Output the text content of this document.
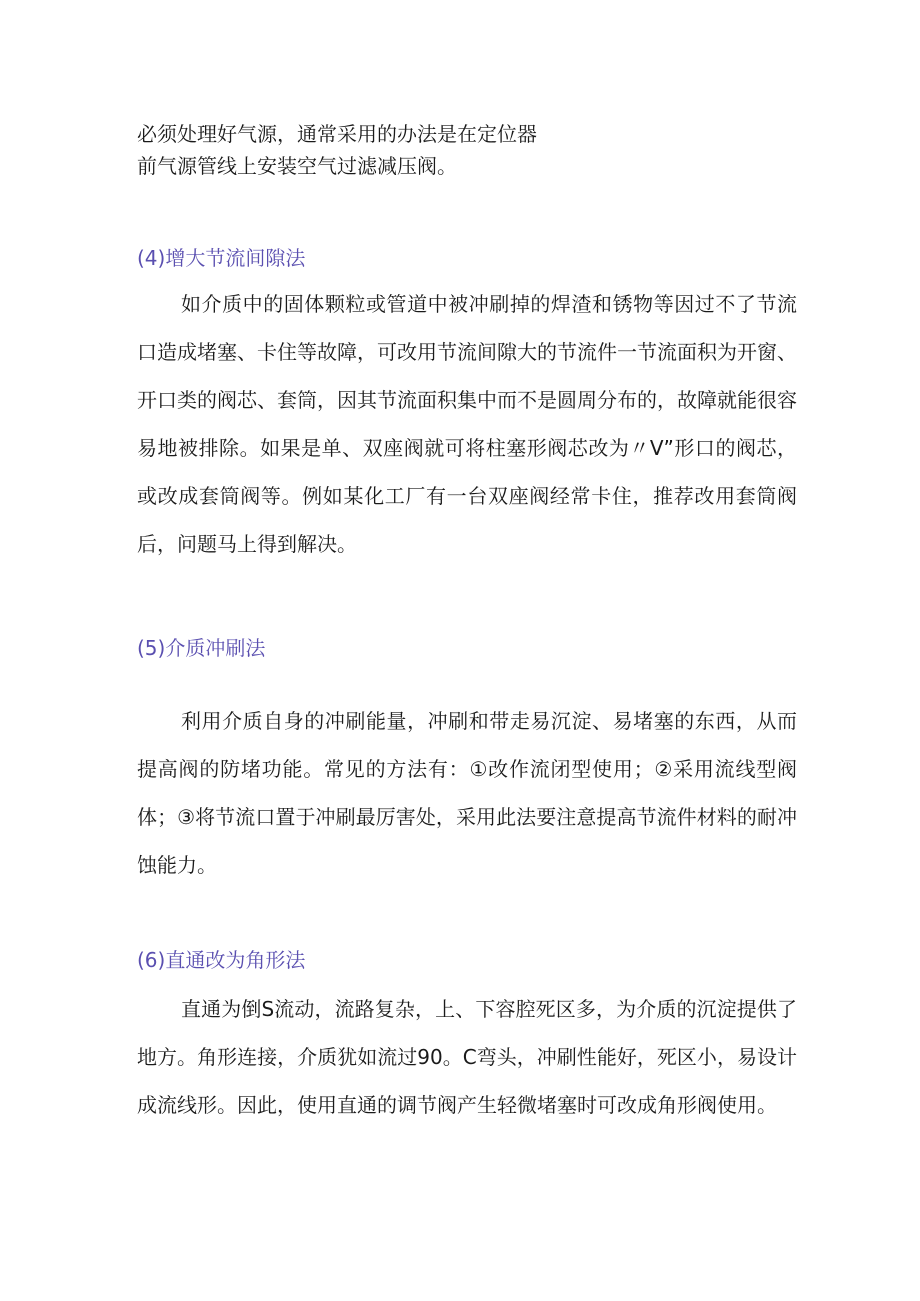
必须处理好气源，通常采用的办法是在定位器
前气源管线上安装空气过滤减压阀。
(4)增大节流间隙法
如介质中的固体颗粒或管道中被冲刷掉的焊渣和锈物等因过不了节流口造成堵塞、卡住等故障，可改用节流间隙大的节流件一节流面积为开窗、开口类的阀芯、套筒，因其节流面积集中而不是圆周分布的，故障就能很容易地被排除。如果是单、双座阀就可将柱塞形阀芯改为〃V”形口的阀芯，或改成套筒阀等。例如某化工厂有一台双座阀经常卡住，推荐改用套筒阀后，问题马上得到解决。
(5)介质冲刷法
利用介质自身的冲刷能量，冲刷和带走易沉淀、易堵塞的东西，从而提高阀的防堵功能。常见的方法有：①改作流闭型使用；②采用流线型阀体；③将节流口置于冲刷最厉害处，采用此法要注意提高节流件材料的耐冲蚀能力。
(6)直通改为角形法
直通为倒S流动，流路复杂，上、下容腔死区多，为介质的沉淀提供了地方。角形连接，介质犹如流过90。C弯头，冲刷性能好，死区小，易设计成流线形。因此，使用直通的调节阀产生轻微堵塞时可改成角形阀使用。
